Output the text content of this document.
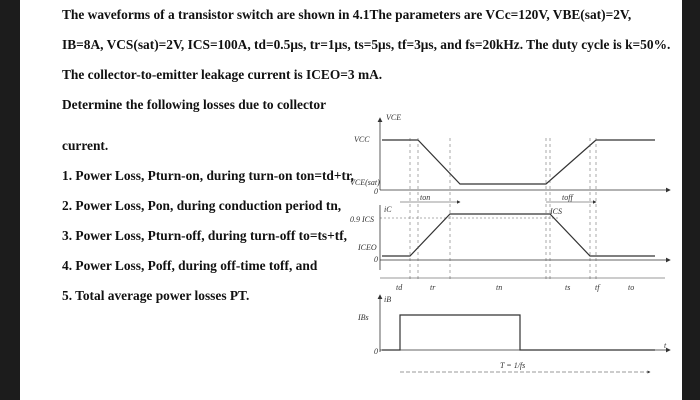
The waveforms of a transistor switch are shown in 4.1The parameters are VCc=120V, VBE(sat)=2V,
IB=8A, VCS(sat)=2V, ICS=100A, td=0.5μs, tr=1μs, ts=5μs, tf=3μs, and fs=20kHz. The duty cycle is k=50%.
The collector-to-emitter leakage current is ICEO=3 mA.
Determine the following losses due to collector
current.
1. Power Loss, Pturn-on, during turn-on ton=td+tr,
2. Power Loss, Pon, during conduction period tn,
3. Power Loss, Pturn-off, during turn-off to=ts+tf,
4. Power Loss, Poff, during off-time toff, and
5. Total average power losses PT.
VCE
VCC
VCE(sat)
0
ton	toff
iC	ICS
0.9 ICS
ICEO
0
td	tr	tn	ts	tf	to
iB
IBs
0
T = 1/fs
t
